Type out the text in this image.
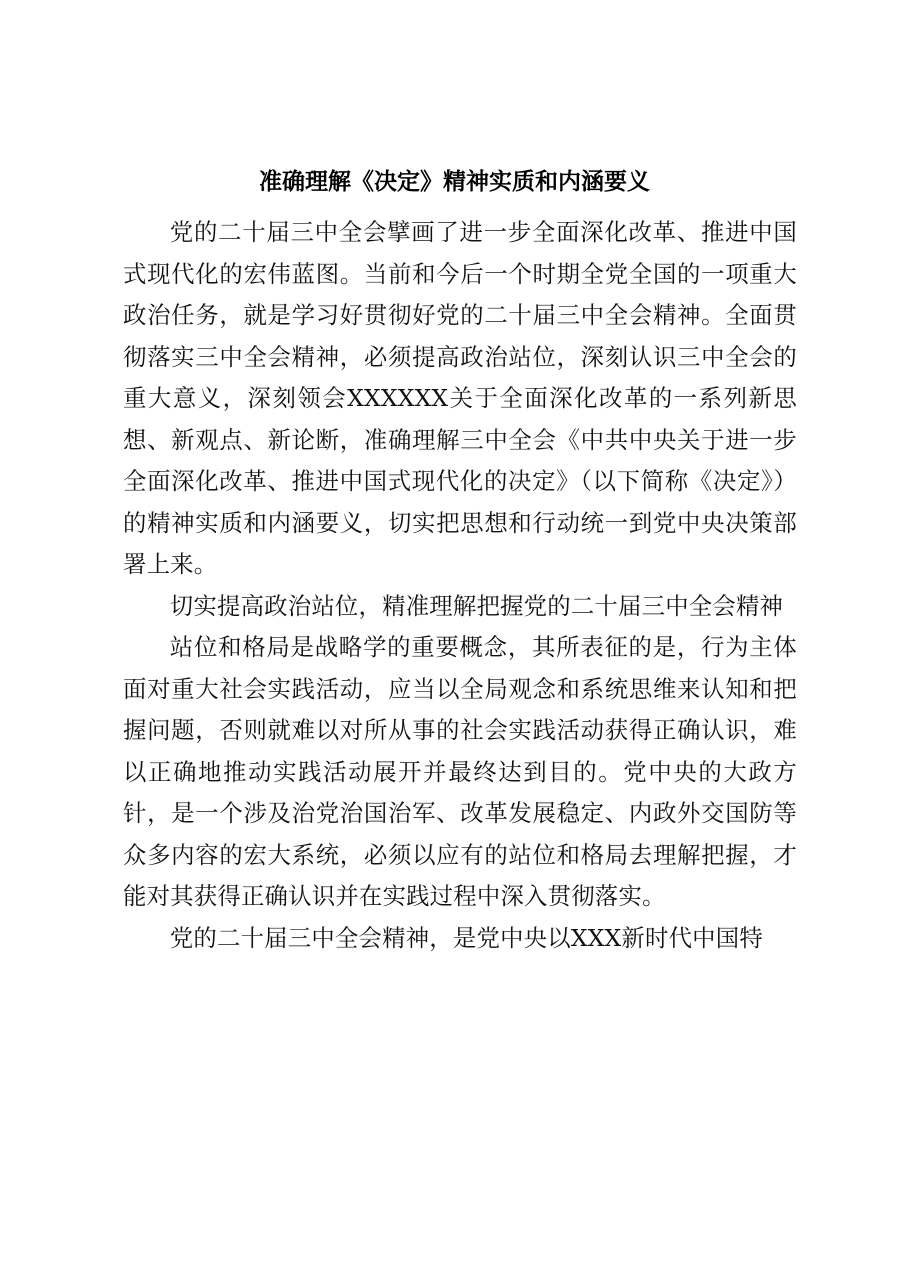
准确理解《决定》精神实质和内涵要义

党的二十届三中全会擘画了进一步全面深化改革、推进中国式现代化的宏伟蓝图。当前和今后一个时期全党全国的一项重大政治任务，就是学习好贯彻好党的二十届三中全会精神。全面贯彻落实三中全会精神，必须提高政治站位，深刻认识三中全会的重大意义，深刻领会XXXXXX关于全面深化改革的一系列新思想、新观点、新论断，准确理解三中全会《中共中央关于进一步全面深化改革、推进中国式现代化的决定》（以下简称《决定》）的精神实质和内涵要义，切实把思想和行动统一到党中央决策部署上来。

切实提高政治站位，精准理解把握党的二十届三中全会精神

站位和格局是战略学的重要概念，其所表征的是，行为主体面对重大社会实践活动，应当以全局观念和系统思维来认知和把握问题，否则就难以对所从事的社会实践活动获得正确认识，难以正确地推动实践活动展开并最终达到目的。党中央的大政方针，是一个涉及治党治国治军、改革发展稳定、内政外交国防等众多内容的宏大系统，必须以应有的站位和格局去理解把握，才能对其获得正确认识并在实践过程中深入贯彻落实。

党的二十届三中全会精神，是党中央以XXX新时代中国特
